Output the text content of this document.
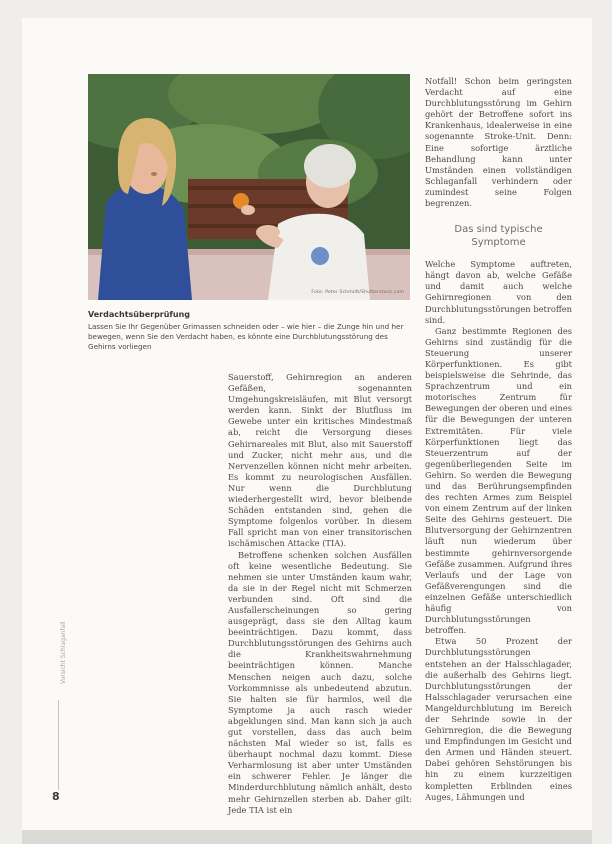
Foto: Peter Schmidt/Shutterstock.com

Verdachtsüberprüfung

Lassen Sie Ihr Gegenüber Grimassen schneiden oder – wie hier – die Zunge hin und her bewegen, wenn Sie den Verdacht haben, es könnte eine Durchblutungsstörung des Gehirns vorliegen

Sauerstoff, Gehirnregion an anderen Gefäßen, sogenannten Umgehungskreisläufen, mit Blut versorgt werden kann. Sinkt der Blutfluss im Gewebe unter ein kritisches Mindestmaß ab, reicht die Versorgung dieses Gehirnareales mit Blut, also mit Sauerstoff und Zucker, nicht mehr aus, und die Nervenzellen können nicht mehr arbeiten. Es kommt zu neurologischen Ausfällen. Nur wenn die Durchblutung wiederhergestellt wird, bevor bleibende Schäden entstanden sind, gehen die Symptome folgenlos vorüber. In diesem Fall spricht man von einer transitorischen ischämischen Attacke (TIA).

Betroffene schenken solchen Ausfällen oft keine wesentliche Bedeutung. Sie nehmen sie unter Umständen kaum wahr, da sie in der Regel nicht mit Schmerzen verbunden sind. Oft sind die Ausfallerscheinungen so gering ausgeprägt, dass sie den Alltag kaum beeinträchtigen. Dazu kommt, dass Durchblutungsstörungen des Gehirns auch die Krankheitswahrnehmung beeinträchtigen können. Manche Menschen neigen auch dazu, solche Vorkommnisse als unbedeutend abzutun. Sie halten sie für harmlos, weil die Symptome ja auch rasch wieder abgeklungen sind. Man kann sich ja auch gut vorstellen, dass das auch beim nächsten Mal wieder so ist, falls es überhaupt nochmal dazu kommt. Diese Verharmlosung ist aber unter Umständen ein schwerer Fehler. Je länger die Minderdurchblutung nämlich anhält, desto mehr Gehirnzellen sterben ab. Daher gilt: Jede TIA ist ein

Notfall! Schon beim geringsten Verdacht auf eine Durchblutungsstörung im Gehirn gehört der Betroffene sofort ins Krankenhaus, idealerweise in eine sogenannte Stroke-Unit. Denn: Eine sofortige ärztliche Behandlung kann unter Umständen einen vollständigen Schlaganfall verhindern oder zumindest seine Folgen begrenzen.

Das sind typische
Symptome

Welche Symptome auftreten, hängt davon ab, welche Gefäße und damit auch welche Gehirnregionen von den Durchblutungsstörungen betroffen sind.

Ganz bestimmte Regionen des Gehirns sind zuständig für die Steuerung unserer Körperfunktionen. Es gibt beispielsweise die Sehrinde, das Sprachzentrum und ein motorisches Zentrum für Bewegungen der oberen und eines für die Bewegungen der unteren Extremitäten. Für viele Körperfunktionen liegt das Steuerzentrum auf der gegenüberliegenden Seite im Gehirn. So werden die Bewegung und das Berührungsempfinden des rechten Armes zum Beispiel von einem Zentrum auf der linken Seite des Gehirns gesteuert. Die Blutversorgung der Gehirnzentren läuft nun wiederum über bestimmte gehirnversorgende Gefäße zusammen. Aufgrund ihres Verlaufs und der Lage von Gefäßverengungen sind die einzelnen Gefäße unterschiedlich häufig von Durchblutungsstörungen betroffen.

Etwa 50 Prozent der Durchblutungsstörungen entstehen an der Halsschlagader, die außerhalb des Gehirns liegt. Durchblutungsstörungen der Halsschlagader verursachen eine Mangeldurchblutung im Bereich der Sehrinde sowie in der Gehirnregion, die die Bewegung und Empfindungen im Gesicht und den Armen und Händen steuert. Dabei gehören Sehstörungen bis hin zu einem kurzzeitigen kompletten Erblinden eines Auges, Lähmungen und

Vorsicht Schlaganfall
8
